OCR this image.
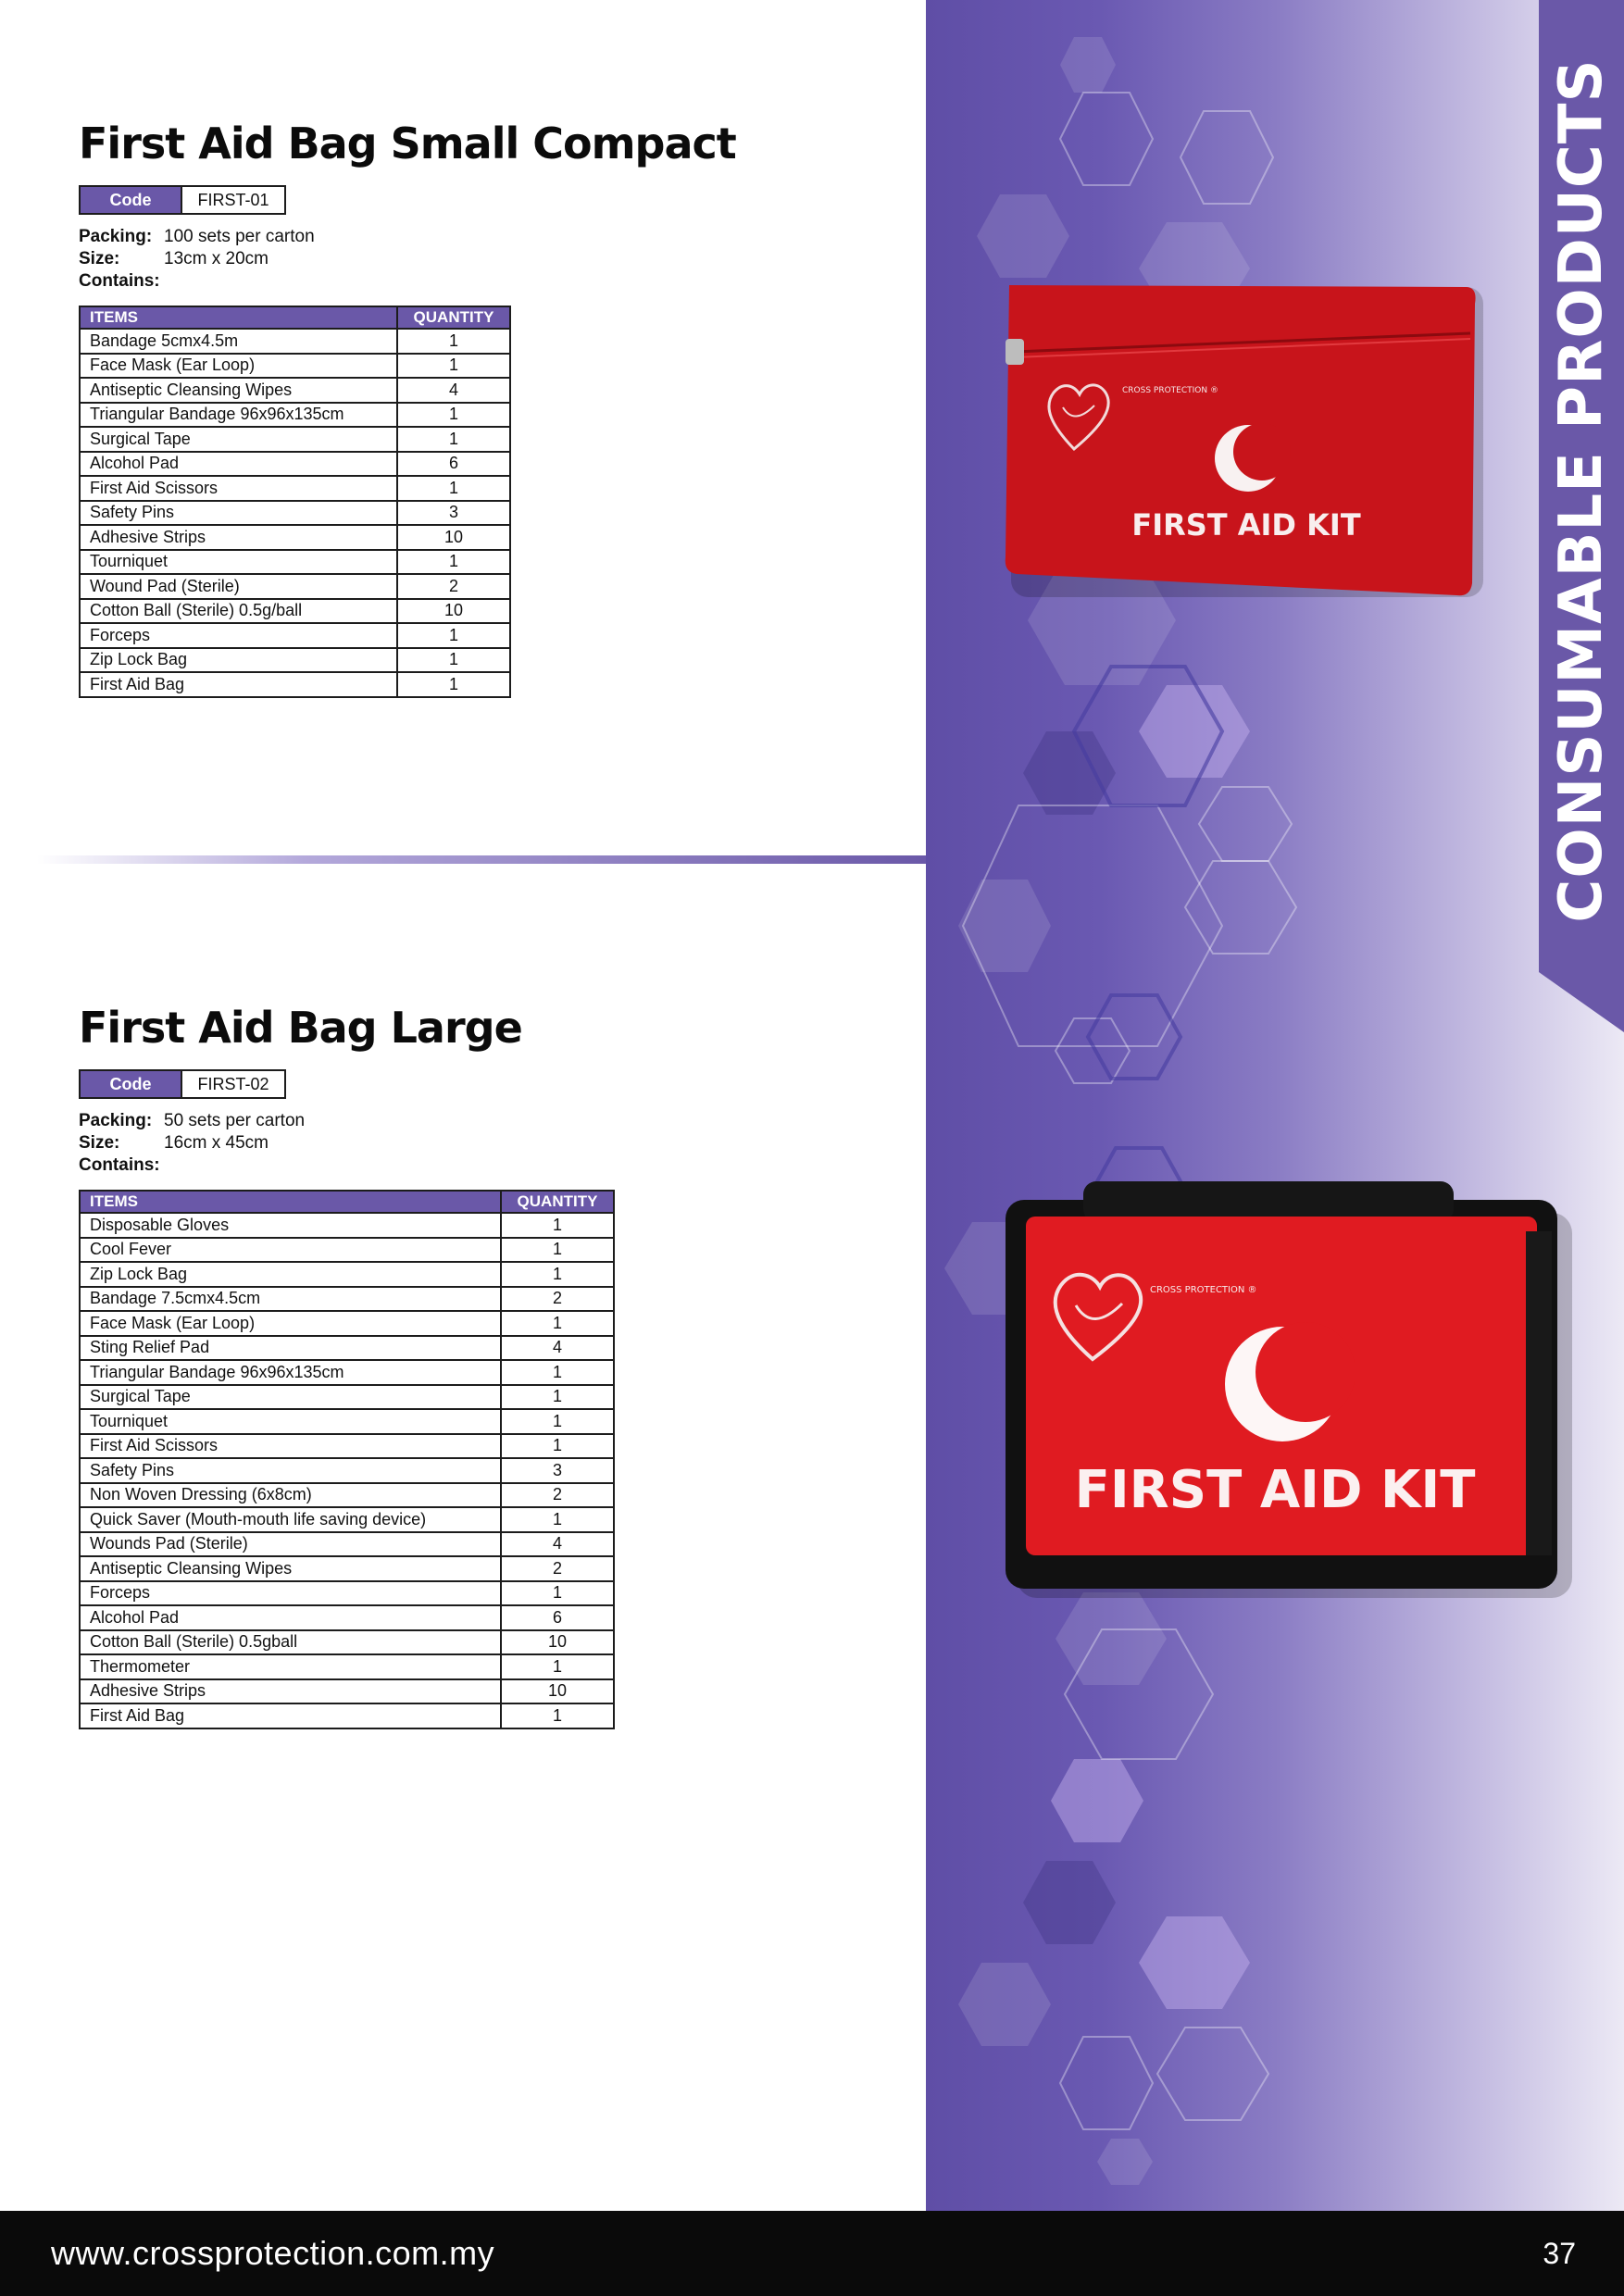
CROSS PROTECTION ®
FIRST AID KIT
CROSS PROTECTION ®
FIRST AID KIT
CONSUMABLE PRODUCTS
First Aid Bag Small Compact
Code	FIRST-01
Packing: 100 sets per carton
Size:	13cm x 20cm
Contains:
ITEMS	QUANTITY
Bandage 5cmx4.5m	1
Face Mask (Ear Loop)	1
Antiseptic Cleansing Wipes	4
Triangular Bandage 96x96x135cm	1
Surgical Tape	1
Alcohol Pad	6
First Aid Scissors	1
Safety Pins	3
Adhesive Strips	10
Tourniquet	1
Wound Pad (Sterile)	2
Cotton Ball (Sterile) 0.5g/ball	10
Forceps	1
Zip Lock Bag	1
First Aid Bag	1
First Aid Bag Large
Code	FIRST-02
Packing: 50 sets per carton
Size:	16cm x 45cm
Contains:
ITEMS	QUANTITY
Disposable Gloves	1
Cool Fever	1
Zip Lock Bag	1
Bandage 7.5cmx4.5cm	2
Face Mask (Ear Loop)	1
Sting Relief Pad	4
Triangular Bandage 96x96x135cm	1
Surgical Tape	1
Tourniquet	1
First Aid Scissors	1
Safety Pins	3
Non Woven Dressing (6x8cm)	2
Quick Saver (Mouth-mouth life saving device)	1
Wounds Pad (Sterile)	4
Antiseptic Cleansing Wipes	2
Forceps	1
Alcohol Pad	6
Cotton Ball (Sterile) 0.5gball	10
Thermometer	1
Adhesive Strips	10
First Aid Bag	1
www.crossprotection.com.my	37
